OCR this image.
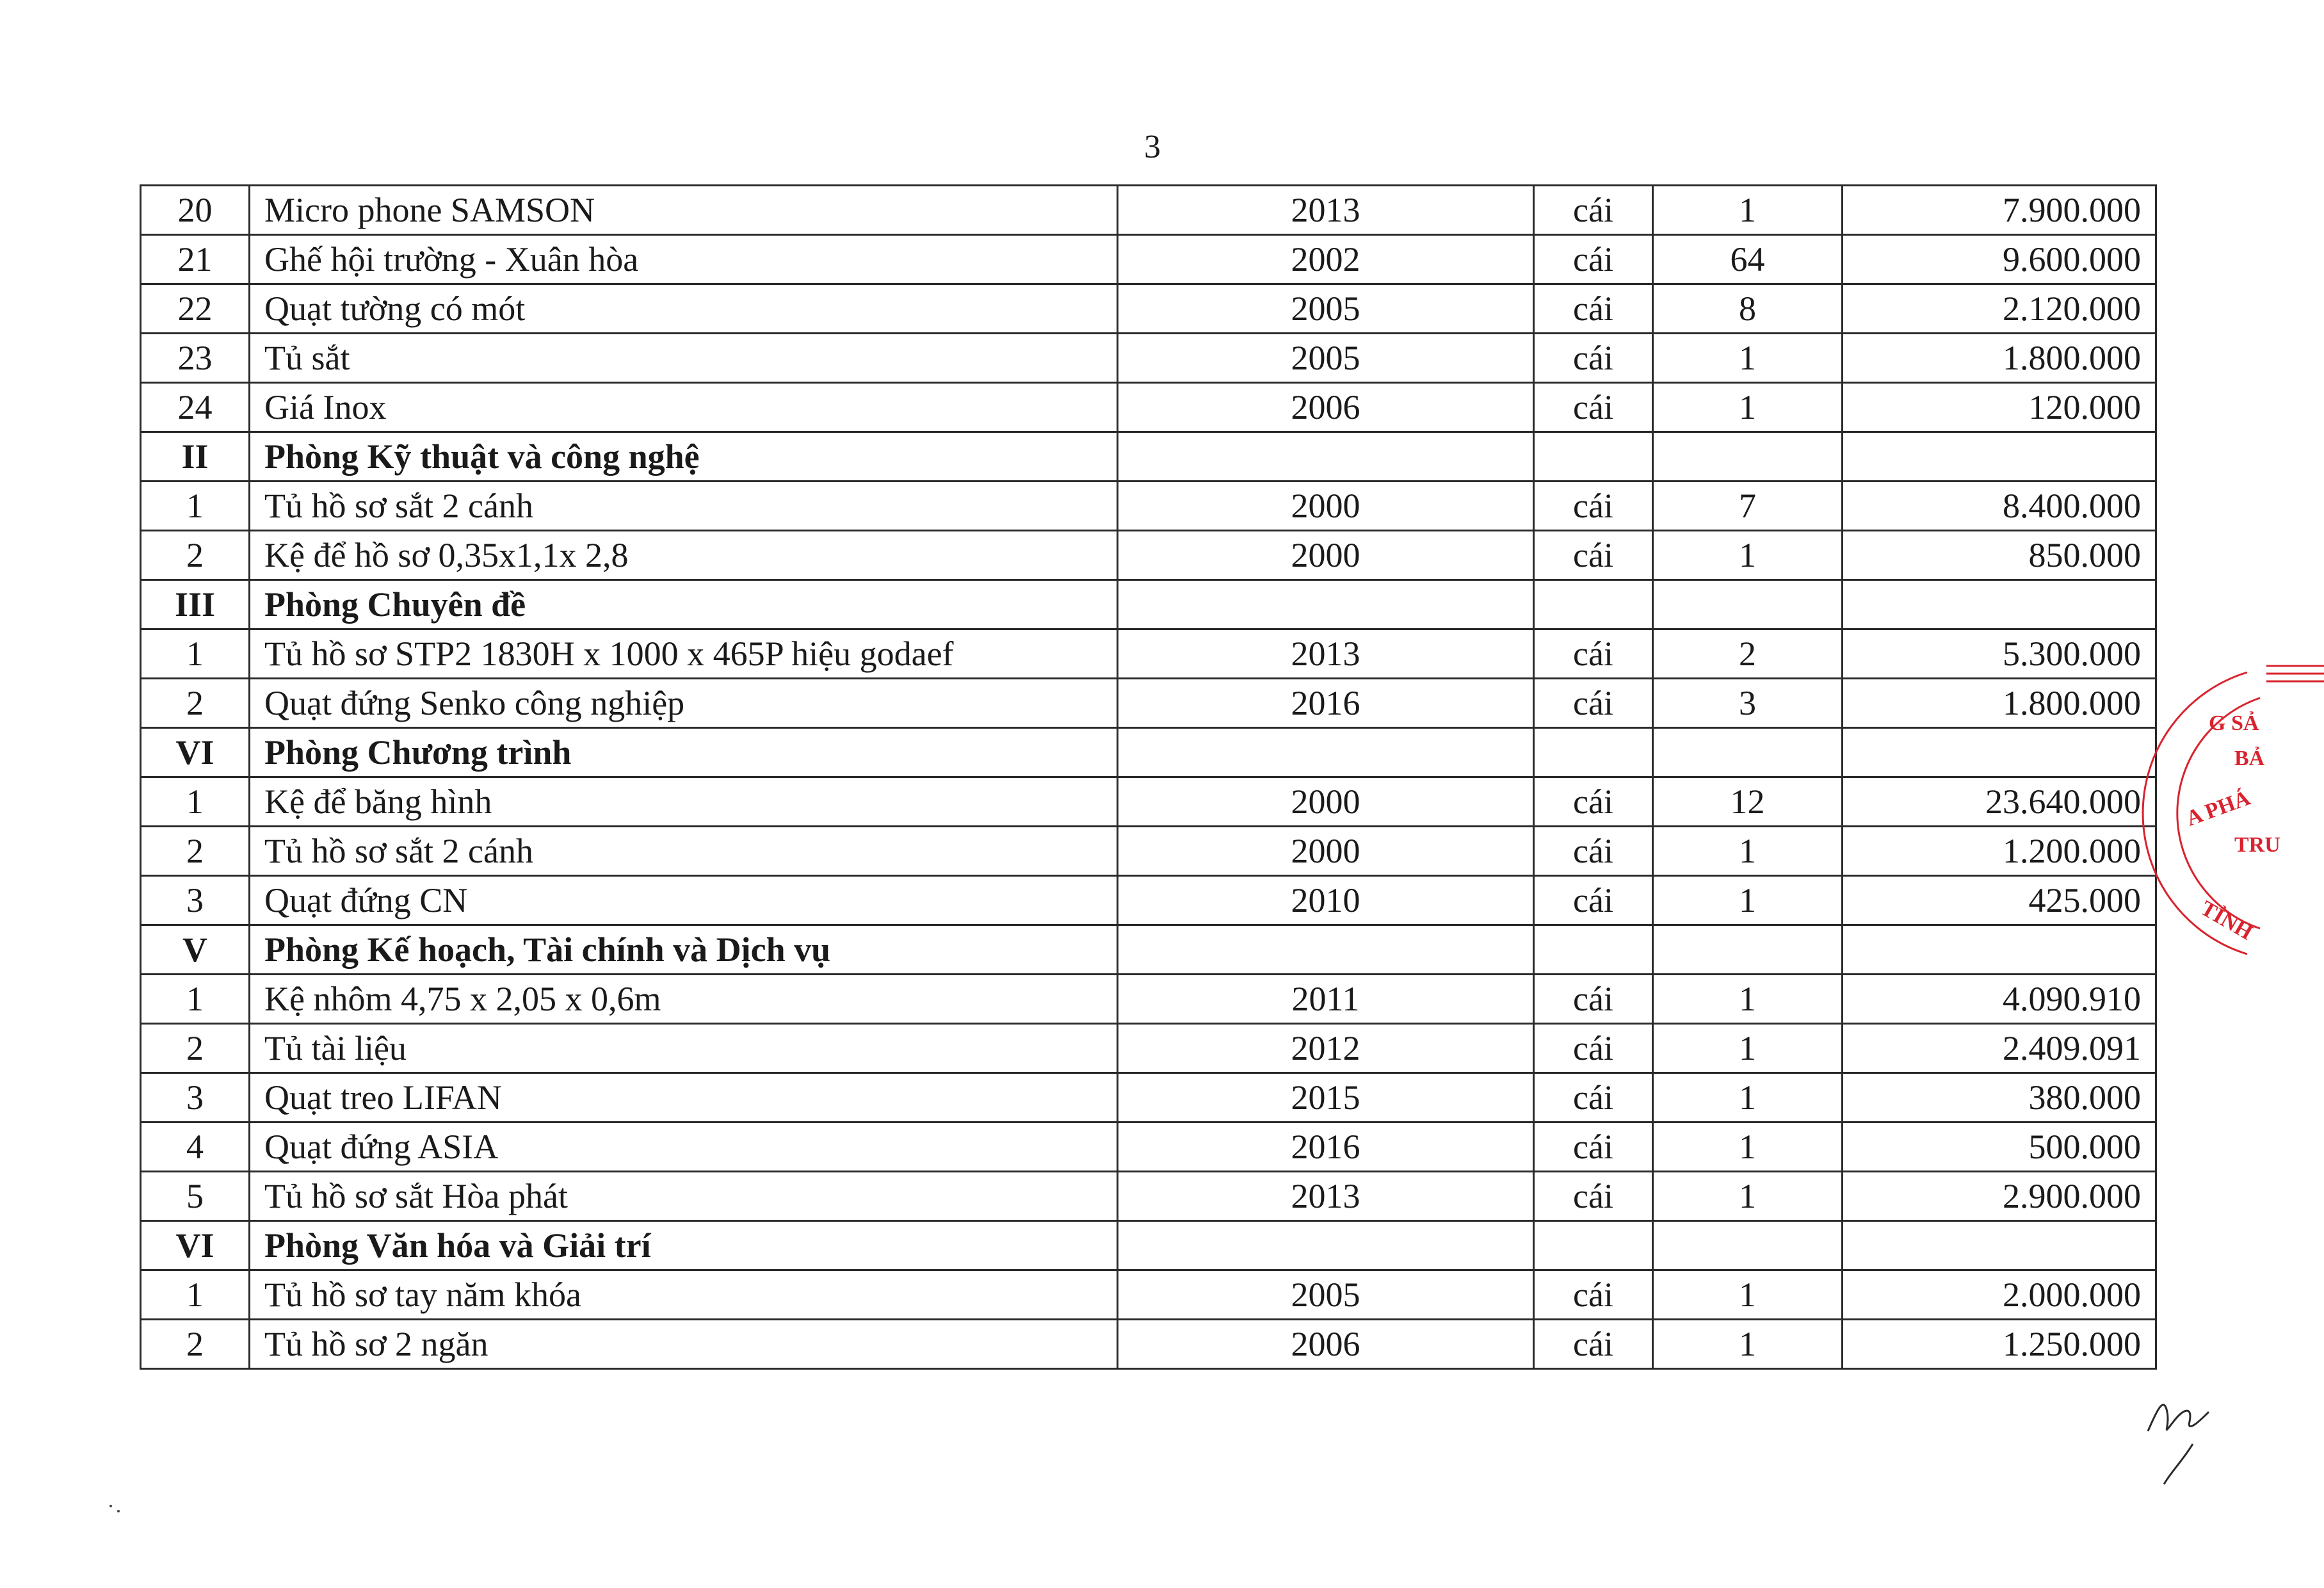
3
20	Micro phone SAMSON	2013	cái	1	7.900.000
21	Ghế hội trường - Xuân hòa	2002	cái	64	9.600.000
22	Quạt tường có mót	2005	cái	8	2.120.000
23	Tủ sắt	2005	cái	1	1.800.000
24	Giá Inox	2006	cái	1	120.000
II	Phòng Kỹ thuật và công nghệ				
1	Tủ hồ sơ sắt 2 cánh	2000	cái	7	8.400.000
2	Kệ để hồ sơ 0,35x1,1x 2,8	2000	cái	1	850.000
III	Phòng Chuyên đề				
1	Tủ hồ sơ STP2 1830H x 1000 x 465P hiệu godaef	2013	cái	2	5.300.000
2	Quạt đứng Senko công nghiệp	2016	cái	3	1.800.000
VI	Phòng Chương trình				
1	Kệ để băng hình	2000	cái	12	23.640.000
2	Tủ hồ sơ sắt 2 cánh	2000	cái	1	1.200.000
3	Quạt đứng CN	2010	cái	1	425.000
V	Phòng Kế hoạch, Tài chính và Dịch vụ				
1	Kệ nhôm 4,75 x 2,05 x 0,6m	2011	cái	1	4.090.910
2	Tủ tài liệu	2012	cái	1	2.409.091
3	Quạt treo LIFAN	2015	cái	1	380.000
4	Quạt đứng ASIA	2016	cái	1	500.000
5	Tủ hồ sơ sắt Hòa phát	2013	cái	1	2.900.000
VI	Phòng Văn hóa và Giải trí				
1	Tủ hồ sơ tay năm khóa	2005	cái	1	2.000.000
2	Tủ hồ sơ 2 ngăn	2006	cái	1	1.250.000
G SẢ
BẢ
A PHÁ
TRU
TỈNH
